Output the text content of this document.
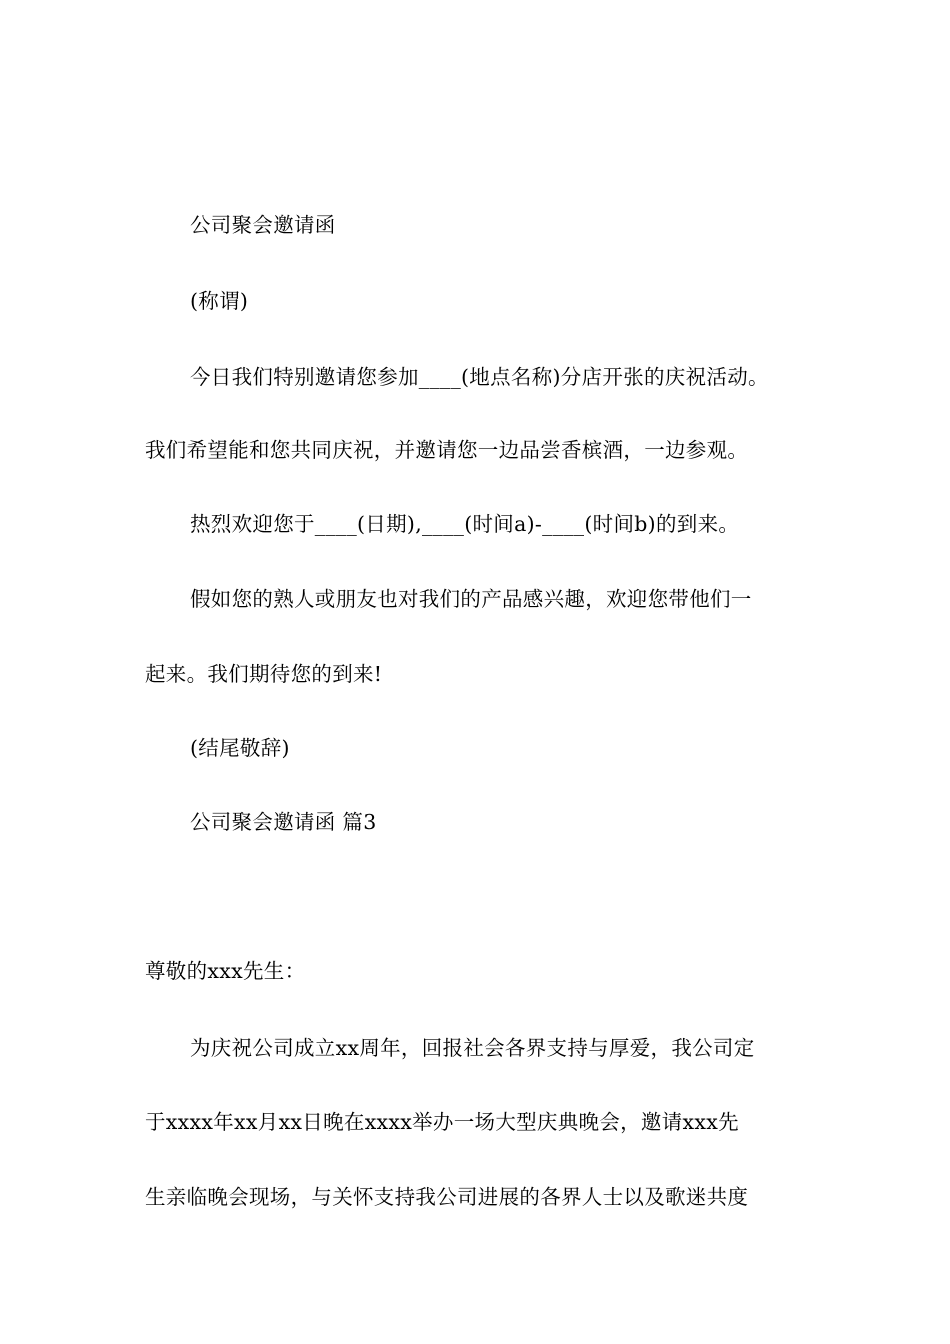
公司聚会邀请函
(称谓)
今日我们特别邀请您参加____(地点名称)分店开张的庆祝活动。
我们希望能和您共同庆祝，并邀请您一边品尝香槟酒，一边参观。
热烈欢迎您于____(日期),____(时间a)-____(时间b)的到来。
假如您的熟人或朋友也对我们的产品感兴趣，欢迎您带他们一
起来。我们期待您的到来!
(结尾敬辞)
公司聚会邀请函 篇3
尊敬的xxx先生：
为庆祝公司成立xx周年，回报社会各界支持与厚爱，我公司定
于xxxx年xx月xx日晚在xxxx举办一场大型庆典晚会，邀请xxx先
生亲临晚会现场，与关怀支持我公司进展的各界人士以及歌迷共度
